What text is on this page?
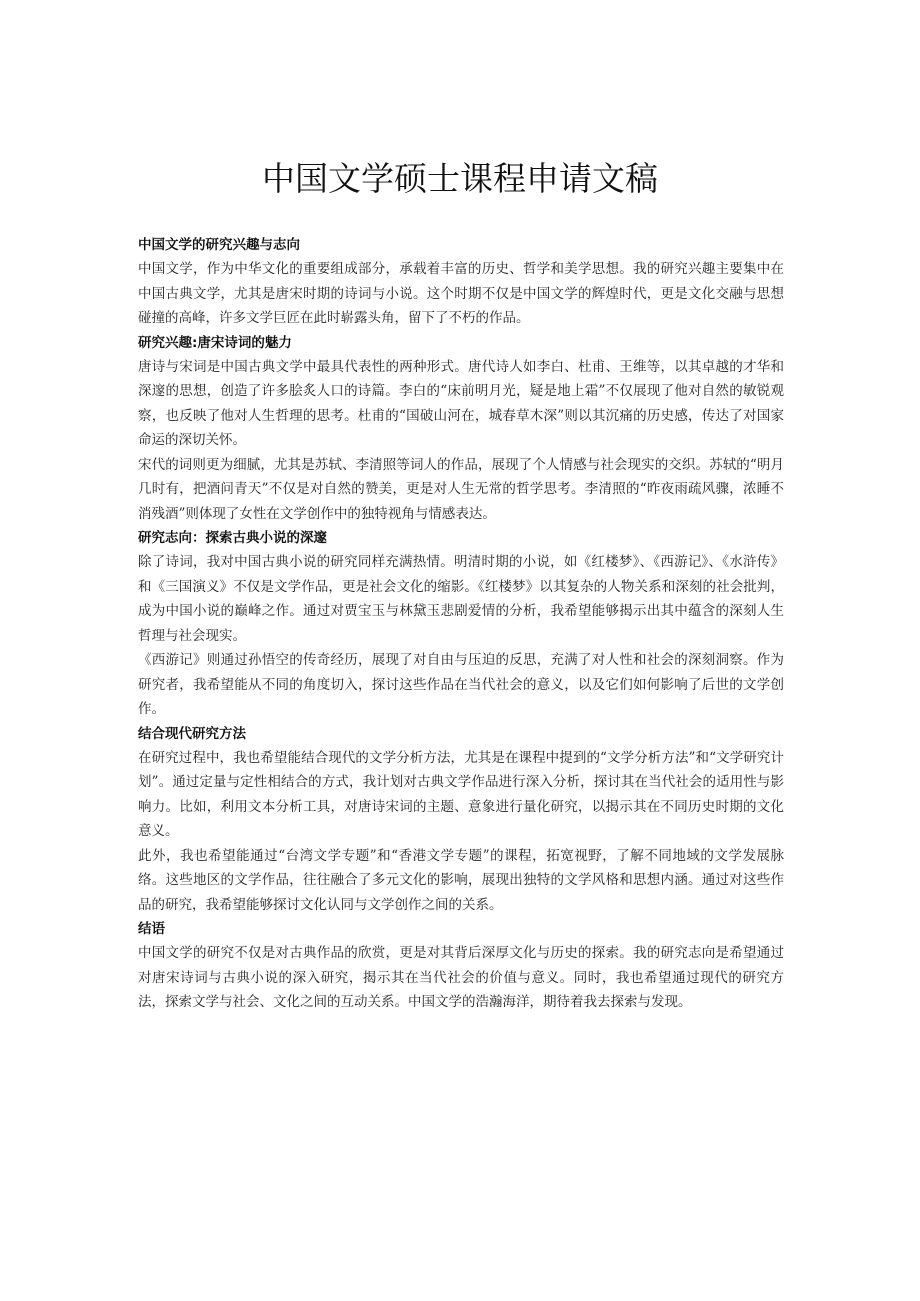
中国文学硕士课程申请文稿

中国文学的研究兴趣与志向

中国文学，作为中华文化的重要组成部分，承载着丰富的历史、哲学和美学思想。我的研究兴趣主要集中在中国古典文学，尤其是唐宋时期的诗词与小说。这个时期不仅是中国文学的辉煌时代，更是文化交融与思想碰撞的高峰，许多文学巨匠在此时崭露头角，留下了不朽的作品。

研究兴趣:唐宋诗词的魅力

唐诗与宋词是中国古典文学中最具代表性的两种形式。唐代诗人如李白、杜甫、王维等，以其卓越的才华和深邃的思想，创造了许多脍炙人口的诗篇。李白的“床前明月光，疑是地上霜”不仅展现了他对自然的敏锐观察，也反映了他对人生哲理的思考。杜甫的“国破山河在，城春草木深”则以其沉痛的历史感，传达了对国家命运的深切关怀。

宋代的词则更为细腻，尤其是苏轼、李清照等词人的作品，展现了个人情感与社会现实的交织。苏轼的“明月几时有，把酒问青天”不仅是对自然的赞美，更是对人生无常的哲学思考。李清照的“昨夜雨疏风骤，浓睡不消残酒”则体现了女性在文学创作中的独特视角与情感表达。

研究志向：探索古典小说的深邃

除了诗词，我对中国古典小说的研究同样充满热情。明清时期的小说，如《红楼梦》、《西游记》、《水浒传》和《三国演义》不仅是文学作品，更是社会文化的缩影。《红楼梦》以其复杂的人物关系和深刻的社会批判，成为中国小说的巅峰之作。通过对贾宝玉与林黛玉悲剧爱情的分析，我希望能够揭示出其中蕴含的深刻人生哲理与社会现实。

《西游记》则通过孙悟空的传奇经历，展现了对自由与压迫的反思，充满了对人性和社会的深刻洞察。作为研究者，我希望能从不同的角度切入，探讨这些作品在当代社会的意义，以及它们如何影响了后世的文学创作。

结合现代研究方法

在研究过程中，我也希望能结合现代的文学分析方法，尤其是在课程中提到的“文学分析方法”和“文学研究计划”。通过定量与定性相结合的方式，我计划对古典文学作品进行深入分析，探讨其在当代社会的适用性与影响力。比如，利用文本分析工具，对唐诗宋词的主题、意象进行量化研究，以揭示其在不同历史时期的文化意义。

此外，我也希望能通过“台湾文学专题”和“香港文学专题”的课程，拓宽视野，了解不同地域的文学发展脉络。这些地区的文学作品，往往融合了多元文化的影响，展现出独特的文学风格和思想内涵。通过对这些作品的研究，我希望能够探讨文化认同与文学创作之间的关系。

结语

中国文学的研究不仅是对古典作品的欣赏，更是对其背后深厚文化与历史的探索。我的研究志向是希望通过对唐宋诗词与古典小说的深入研究，揭示其在当代社会的价值与意义。同时，我也希望通过现代的研究方法，探索文学与社会、文化之间的互动关系。中国文学的浩瀚海洋，期待着我去探索与发现。
